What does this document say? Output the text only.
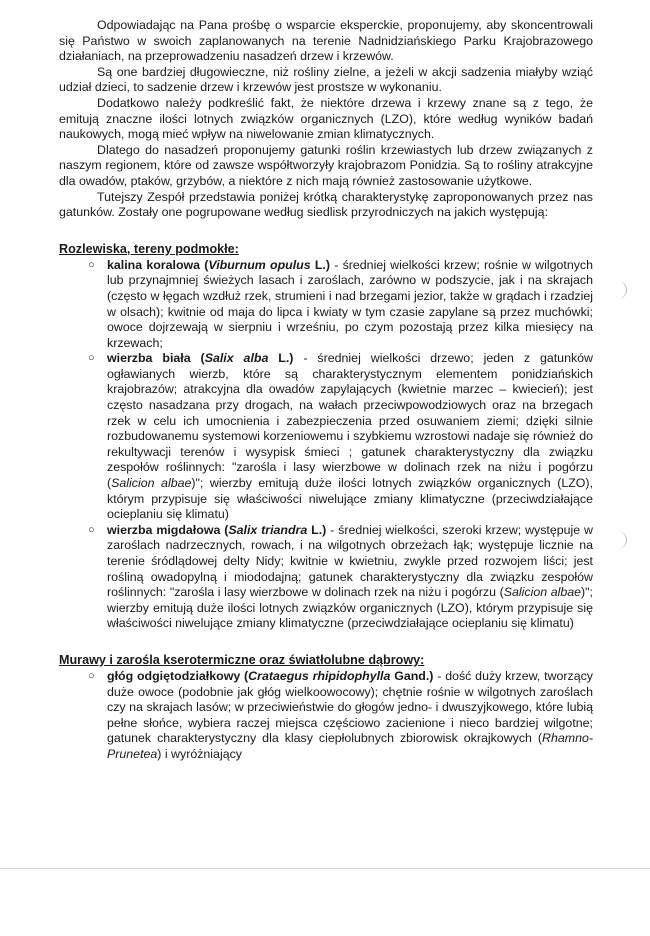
Odpowiadając na Pana prośbę o wsparcie eksperckie, proponujemy, aby skoncentrowali się Państwo w swoich zaplanowanych na terenie Nadnidziańskiego Parku Krajobrazowego działaniach, na przeprowadzeniu nasadzeń drzew i krzewów.

Są one bardziej długowieczne, niż rośliny zielne, a jeżeli w akcji sadzenia miałyby wziąć udział dzieci, to sadzenie drzew i krzewów jest prostsze w wykonaniu.

Dodatkowo należy podkreślić fakt, że niektóre drzewa i krzewy znane są z tego, że emitują znaczne ilości lotnych związków organicznych (LZO), które według wyników badań naukowych, mogą mieć wpływ na niwelowanie zmian klimatycznych.

Dlatego do nasadzeń proponujemy gatunki roślin krzewiastych lub drzew związanych z naszym regionem, które od zawsze współtworzyły krajobrazom Ponidzia. Są to rośliny atrakcyjne dla owadów, ptaków, grzybów, a niektóre z nich mają również zastosowanie użytkowe.

Tutejszy Zespół przedstawia poniżej krótką charakterystykę zaproponowanych przez nas gatunków. Zostały one pogrupowane według siedlisk przyrodniczych na jakich występują:

Rozlewiska, tereny podmokłe:
○ kalina koralowa (Viburnum opulus L.) - średniej wielkości krzew; rośnie w wilgotnych lub przynajmniej świeżych lasach i zaroślach, zarówno w podszycie, jak i na skrajach (często w łęgach wzdłuż rzek, strumieni i nad brzegami jezior, także w grądach i rzadziej w olsach); kwitnie od maja do lipca i kwiaty w tym czasie zapylane są przez muchówki; owoce dojrzewają w sierpniu i wrześniu, po czym pozostają przez kilka miesięcy na krzewach;
○ wierzba biała (Salix alba L.) - średniej wielkości drzewo; jeden z gatunków ogławianych wierzb, które są charakterystycznym elementem ponidziańskich krajobrazów; atrakcyjna dla owadów zapylających (kwietnie marzec – kwiecień); jest często nasadzana przy drogach, na wałach przeciwpowodziowych oraz na brzegach rzek w celu ich umocnienia i zabezpieczenia przed osuwaniem ziemi; dzięki silnie rozbudowanemu systemowi korzeniowemu i szybkiemu wzrostowi nadaje się również do rekultywacji terenów i wysypisk śmieci ; gatunek charakterystyczny dla związku zespołów roślinnych: "zarośla i lasy wierzbowe w dolinach rzek na niżu i pogórzu (Salicion albae)"; wierzby emitują duże ilości lotnych związków organicznych (LZO), którym przypisuje się właściwości niwelujące zmiany klimatyczne (przeciwdziałające ocieplaniu się klimatu)
○ wierzba migdałowa (Salix triandra L.) - średniej wielkości, szeroki krzew; występuje w zaroślach nadrzecznych, rowach, i na wilgotnych obrzeżach łąk; występuje licznie na terenie śródlądowej delty Nidy; kwitnie w kwietniu, zwykle przed rozwojem liści; jest rośliną owadopylną i miododajną; gatunek charakterystyczny dla związku zespołów roślinnych: "zarośla i lasy wierzbowe w dolinach rzek na niżu i pogórzu (Salicion albae)"; wierzby emitują duże ilości lotnych związków organicznych (LZO), którym przypisuje się właściwości niwelujące zmiany klimatyczne (przeciwdziałające ocieplaniu się klimatu)
Murawy i zarośla kserotermiczne oraz światłolubne dąbrowy:
○ głóg odgiętodziałkowy (Crataegus rhipidophylla Gand.) - dość duży krzew, tworzący duże owoce (podobnie jak głóg wielkoowocowy); chętnie rośnie w wilgotnych zaroślach czy na skrajach lasów; w przeciwieństwie do głogów jedno- i dwuszyjkowego, które lubią pełne słońce, wybiera raczej miejsca częściowo zacienione i nieco bardziej wilgotne; gatunek charakterystyczny dla klasy ciepłolubnych zbiorowisk okrajkowych (Rhamno-Prunetea) i wyróżniający
